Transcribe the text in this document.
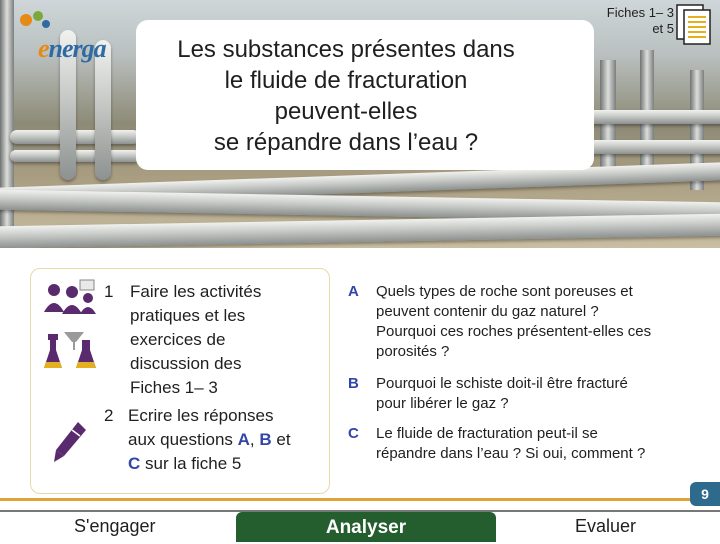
energa	Les substances présentes dans
le fluide de fracturation
peuvent-elles
se répandre dans l’eau ?
Fiches 1– 3
et 5
1 Faire les activités
pratiques et les
exercices de
discussion des
Fiches 1– 3
2 Ecrire les réponses
aux questions A, B et
C sur la fiche 5
A Quels types de roche sont poreuses et
peuvent contenir du gaz naturel ?
Pourquoi ces roches présentent-elles ces
porosités ?
B Pourquoi le schiste doit-il être fracturé
pour libérer le gaz ?
C Le fluide de fracturation peut-il se
répandre dans l’eau ? Si oui, comment ?
9
S'engager	Analyser	Evaluer
